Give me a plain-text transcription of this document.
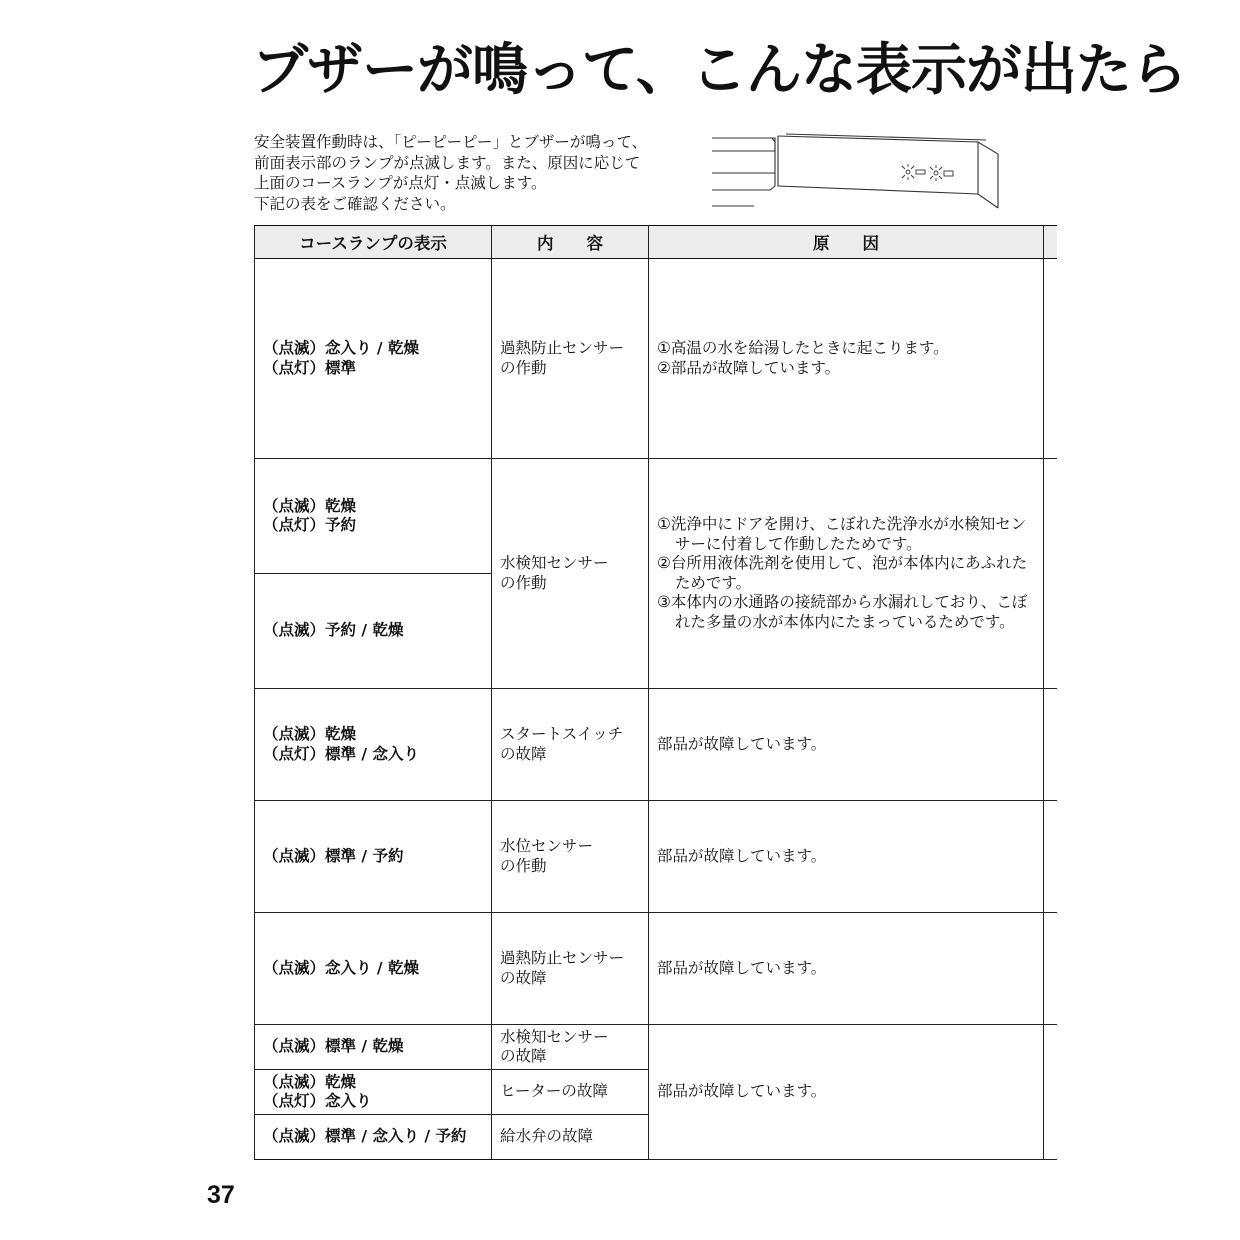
ブザーが鳴って、こんな表示が出たら
安全装置作動時は、「ピーピーピー」とブザーが鳴って、
前面表示部のランプが点滅します。また、原因に応じて
上面のコースランプが点灯・点滅します。
下記の表をご確認ください。
コースランプの表示	内　　容	原　　因	

（点滅）念入り / 乾燥
（点灯）標準	過熱防止センサー
の作動	①高温の水を給湯したときに起こります。
②部品が故障しています。	

（点滅）乾燥
（点灯）予約	水検知センサー
の作動	①洗浄中にドアを開け、こぼれた洗浄水が水検知センサーに付着して作動したためです。
②台所用液体洗剤を使用して、泡が本体内にあふれたためです。
③本体内の水通路の接続部から水漏れしており、こぼれた多量の水が本体内にたまっているためです。	

（点滅）予約 / 乾燥			

（点滅）乾燥
（点灯）標準 / 念入り	スタートスイッチ
の故障	部品が故障しています。	

（点滅）標準 / 予約	水位センサー
の作動	部品が故障しています。	

（点滅）念入り / 乾燥	過熱防止センサー
の故障	部品が故障しています。	

（点滅）標準 / 乾燥	水検知センサー
の故障	部品が故障しています。	

（点滅）乾燥
（点灯）念入り	ヒーターの故障		

（点滅）標準 / 念入り / 予約	給水弁の故障		
37
